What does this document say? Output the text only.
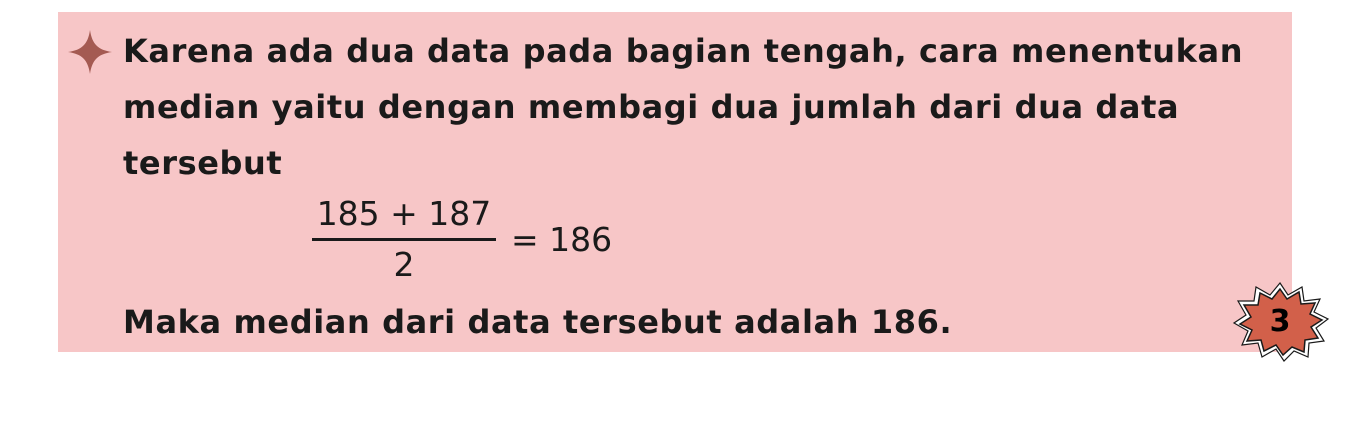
Karena ada dua data pada bagian tengah, cara menentukan median yaitu dengan membagi dua jumlah dari dua data tersebut

185 + 187
2
= 186
Maka median dari data tersebut adalah 186.	3
